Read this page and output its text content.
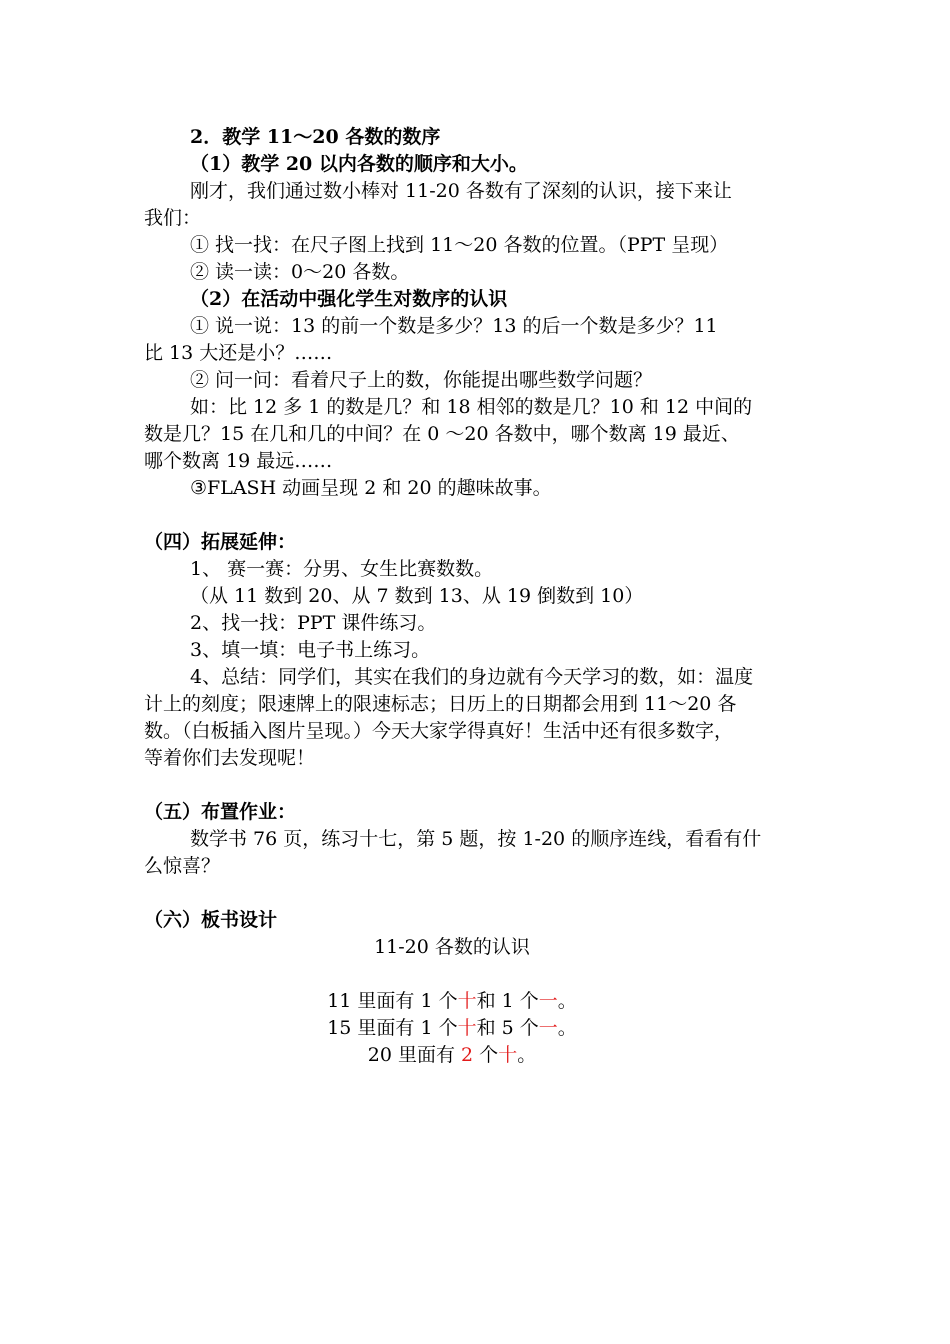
2．教学 11～20 各数的数序
（1）教学 20 以内各数的顺序和大小。
刚才，我们通过数小棒对 11-20 各数有了深刻的认识，接下来让
我们：
① 找一找：在尺子图上找到 11～20 各数的位置。（PPT 呈现）
② 读一读：0～20 各数。
（2）在活动中强化学生对数序的认识
① 说一说：13 的前一个数是多少？13 的后一个数是多少？11
比 13 大还是小？……
② 问一问：看着尺子上的数，你能提出哪些数学问题？
如：比 12 多 1 的数是几？和 18 相邻的数是几？10 和 12 中间的
数是几？15 在几和几的中间？在 0 ～20 各数中，哪个数离 19 最近、
哪个数离 19 最远……
③FLASH 动画呈现 2 和 20 的趣味故事。
（四）拓展延伸：
1、 赛一赛：分男、女生比赛数数。
（从 11 数到 20、从 7 数到 13、从 19 倒数到 10）
2、找一找：PPT 课件练习。
3、填一填：电子书上练习。
4、总结：同学们，其实在我们的身边就有今天学习的数，如：温度
计上的刻度；限速牌上的限速标志；日历上的日期都会用到 11～20 各
数。（白板插入图片呈现。）今天大家学得真好！生活中还有很多数字，
等着你们去发现呢！
（五）布置作业：
数学书 76 页，练习十七，第 5 题，按 1-20 的顺序连线，看看有什
么惊喜？
（六）板书设计
11-20 各数的认识
11 里面有 1 个十和 1 个一。
15 里面有 1 个十和 5 个一。
20 里面有 2 个十。
